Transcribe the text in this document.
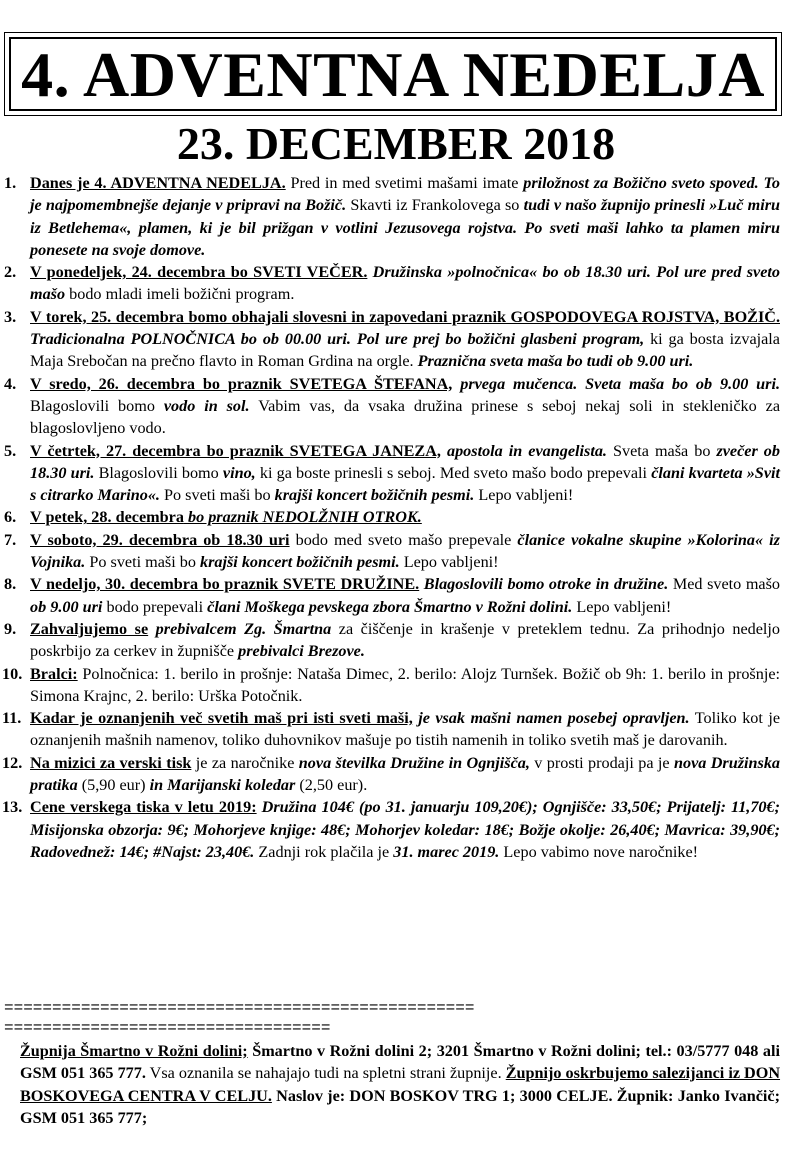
4. ADVENTNA NEDELJA
23. DECEMBER 2018
1. Danes je 4. ADVENTNA NEDELJA. Pred in med svetimi mašami imate priložnost za Božično sveto spoved. To je najpomembnejše dejanje v pripravi na Božič. Skavti iz Frankolovega so tudi v našo župnijo prinesli »Luč miru iz Betlehema«, plamen, ki je bil prižgan v votlini Jezusovega rojstva. Po sveti maši lahko ta plamen miru ponesete na svoje domove.
2. V ponedeljek, 24. decembra bo SVETI VEČER. Družinska »polnočnica« bo ob 18.30 uri. Pol ure pred sveto mašo bodo mladi imeli božični program.
3. V torek, 25. decembra bomo obhajali slovesni in zapovedani praznik GOSPODOVEGA ROJSTVA, BOŽIČ. Tradicionalna POLNOČNICA bo ob 00.00 uri. Pol ure prej bo božični glasbeni program, ki ga bosta izvajala Maja Srebočan na prečno flavto in Roman Grdina na orgle. Praznična sveta maša bo tudi ob 9.00 uri.
4. V sredo, 26. decembra bo praznik SVETEGA ŠTEFANA, prvega mučenca. Sveta maša bo ob 9.00 uri. Blagoslovili bomo vodo in sol. Vabim vas, da vsaka družina prinese s seboj nekaj soli in stekleničko za blagoslovljeno vodo.
5. V četrtek, 27. decembra bo praznik SVETEGA JANEZA, apostola in evangelista. Sveta maša bo zvečer ob 18.30 uri. Blagoslovili bomo vino, ki ga boste prinesli s seboj. Med sveto mašo bodo prepevali člani kvarteta »Svit s citrarko Marino«. Po sveti maši bo krajši koncert božičnih pesmi. Lepo vabljeni!
6. V petek, 28. decembra bo praznik NEDOLŽNIH OTROK.
7. V soboto, 29. decembra ob 18.30 uri bodo med sveto mašo prepevale članice vokalne skupine »Kolorina« iz Vojnika. Po sveti maši bo krajši koncert božičnih pesmi. Lepo vabljeni!
8. V nedeljo, 30. decembra bo praznik SVETE DRUŽINE. Blagoslovili bomo otroke in družine. Med sveto mašo ob 9.00 uri bodo prepevali člani Moškega pevskega zbora Šmartno v Rožni dolini. Lepo vabljeni!
9. Zahvaljujemo se prebivalcem Zg. Šmartna za čiščenje in krašenje v preteklem tednu. Za prihodnjo nedeljo poskrbijo za cerkev in župnišče prebivalci Brezove.
10. Bralci: Polnočnica: 1. berilo in prošnje: Nataša Dimec, 2. berilo: Alojz Turnšek. Božič ob 9h: 1. berilo in prošnje: Simona Krajnc, 2. berilo: Urška Potočnik.
11. Kadar je oznanjenih več svetih maš pri isti sveti maši, je vsak mašni namen posebej opravljen. Toliko kot je oznanjenih mašnih namenov, toliko duhovnikov mašuje po tistih namenih in toliko svetih maš je darovanih.
12. Na mizici za verski tisk je za naročnike nova številka Družine in Ognjišča, v prosti prodaji pa je nova Družinska pratika (5,90 eur) in Marijanski koledar (2,50 eur).
13. Cene verskega tiska v letu 2019: Družina 104€ (po 31. januarju 109,20€); Ognjišče: 33,50€; Prijatelj: 11,70€; Misijonska obzorja: 9€; Mohorjeve knjige: 48€; Mohorjev koledar: 18€; Božje okolje: 26,40€; Mavrica: 39,90€; Radovednež: 14€; #Najst: 23,40€. Zadnji rok plačila je 31. marec 2019. Lepo vabimo nove naročnike!
=================================================
==================================
Župnija Šmartno v Rožni dolini; Šmartno v Rožni dolini 2; 3201 Šmartno v Rožni dolini; tel.: 03/5777 048 ali GSM 051 365 777. Vsa oznanila se nahajajo tudi na spletni strani župnije. Župnijo oskrbujemo salezijanci iz DON BOSKOVEGA CENTRA V CELJU. Naslov je: DON BOSKOV TRG 1; 3000 CELJE. Župnik: Janko Ivančič; GSM 051 365 777;
